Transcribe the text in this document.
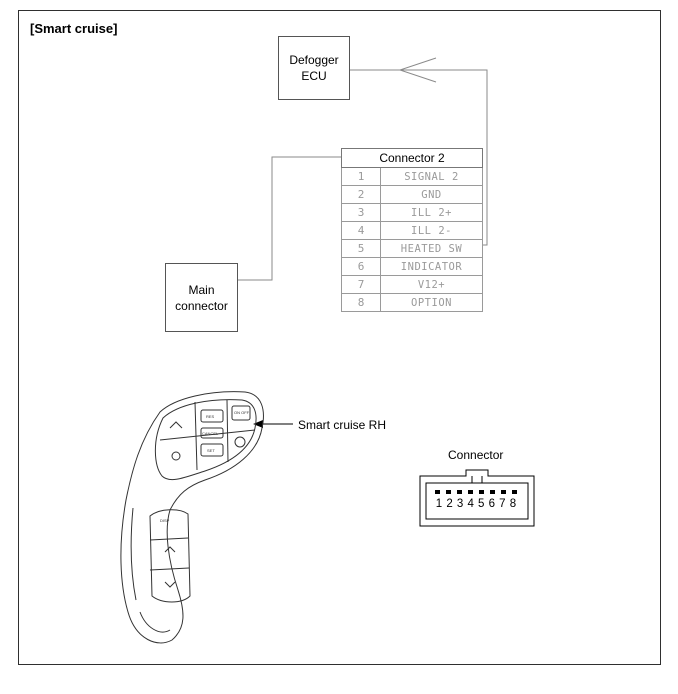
[Smart cruise]
RES
CANCEL
SET
ON OFF
DISP
Defogger
ECU
Main
connector
Connector 2	
1	SIGNAL 2
2	GND
3	ILL 2+
4	ILL 2-
5	HEATED SW
6	INDICATOR
7	V12+
8	OPTION
Smart cruise RH
Connector
1 2 3 4 5 6 7 8
